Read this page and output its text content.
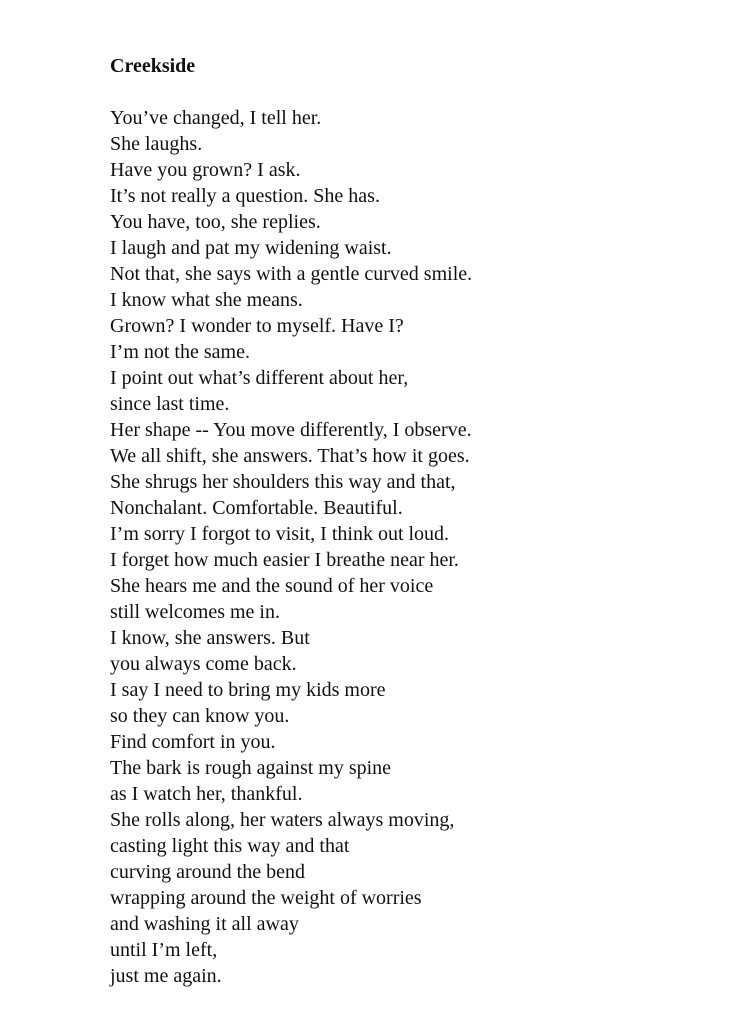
Creekside
You’ve changed, I tell her.
She laughs.
Have you grown? I ask.
It’s not really a question. She has.
You have, too, she replies.
I laugh and pat my widening waist.
Not that, she says with a gentle curved smile.
I know what she means.
Grown? I wonder to myself. Have I?
I’m not the same.
I point out what’s different about her,
since last time.
Her shape -- You move differently, I observe.
We all shift, she answers. That’s how it goes.
She shrugs her shoulders this way and that,
Nonchalant. Comfortable. Beautiful.
I’m sorry I forgot to visit, I think out loud.
I forget how much easier I breathe near her.
She hears me and the sound of her voice
still welcomes me in.
I know, she answers. But
you always come back.
I say I need to bring my kids more
so they can know you.
Find comfort in you.
The bark is rough against my spine
as I watch her, thankful.
She rolls along, her waters always moving,
casting light this way and that
curving around the bend
wrapping around the weight of worries
and washing it all away
until I’m left,
just me again.
